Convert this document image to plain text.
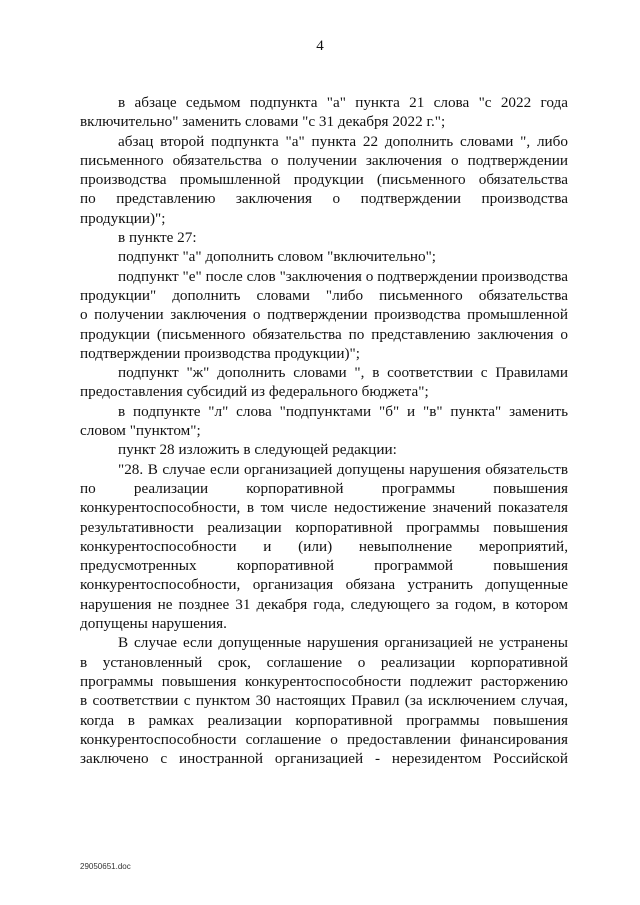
4
в абзаце седьмом подпункта "а" пункта 21 слова "с 2022 года
включительно" заменить словами "с 31 декабря 2022 г.";
абзац второй подпункта "а" пункта 22 дополнить словами ", либо
письменного обязательства о получении заключения о подтверждении
производства промышленной продукции (письменного обязательства
по представлению заключения о подтверждении производства
продукции)";
в пункте 27:
подпункт "а" дополнить словом "включительно";
подпункт "е" после слов "заключения о подтверждении производства
продукции" дополнить словами "либо письменного обязательства
о получении заключения о подтверждении производства промышленной
продукции (письменного обязательства по представлению заключения о
подтверждении производства продукции)";
подпункт "ж" дополнить словами ", в соответствии с Правилами
предоставления субсидий из федерального бюджета";
в подпункте "л" слова "подпунктами "б" и "в" пункта" заменить
словом "пунктом";
пункт 28 изложить в следующей редакции:
"28. В случае если организацией допущены нарушения обязательств
по реализации корпоративной программы повышения
конкурентоспособности, в том числе недостижение значений показателя
результативности реализации корпоративной программы повышения
конкурентоспособности и (или) невыполнение мероприятий,
предусмотренных корпоративной программой повышения
конкурентоспособности, организация обязана устранить допущенные
нарушения не позднее 31 декабря года, следующего за годом, в котором
допущены нарушения.
В случае если допущенные нарушения организацией не устранены
в установленный срок, соглашение о реализации корпоративной
программы повышения конкурентоспособности подлежит расторжению
в соответствии с пунктом 30 настоящих Правил (за исключением случая,
когда в рамках реализации корпоративной программы повышения
конкурентоспособности соглашение о предоставлении финансирования
заключено с иностранной организацией - нерезидентом Российской
29050651.doc
